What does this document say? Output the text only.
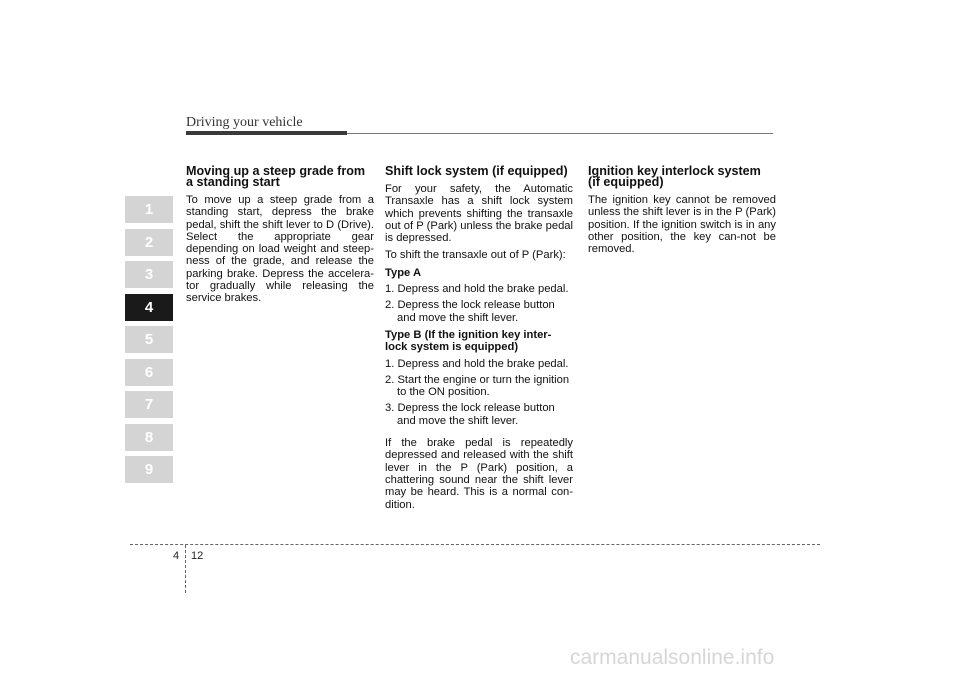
Driving your vehicle
1
2
3
4
5
6
7
8
9
Moving up a steep grade from a standing start

To move up a steep grade from a standing start, depress the brake pedal, shift the shift lever to D (Drive). Select the appropriate gear depending on load weight and steep-ness of the grade, and release the parking brake. Depress the accelera-tor gradually while releasing the service brakes.

Shift lock system (if equipped)

For your safety, the Automatic Transaxle has a shift lock system which prevents shifting the transaxle out of P (Park) unless the brake pedal is depressed.

To shift the transaxle out of P (Park):

Type A

1. Depress and hold the brake pedal.
2. Depress the lock release button and move the shift lever.

Type B (If the ignition key inter-lock system is equipped)

1. Depress and hold the brake pedal.
2. Start the engine or turn the ignition to the ON position.
3. Depress the lock release button and move the shift lever.

If the brake pedal is repeatedly depressed and released with the shift lever in the P (Park) position, a chattering sound near the shift lever may be heard. This is a normal con-dition.

Ignition key interlock system (if equipped)

The ignition key cannot be removed unless the shift lever is in the P (Park) position. If the ignition switch is in any other position, the key can-not be removed.

4 12
carmanualsonline.info
